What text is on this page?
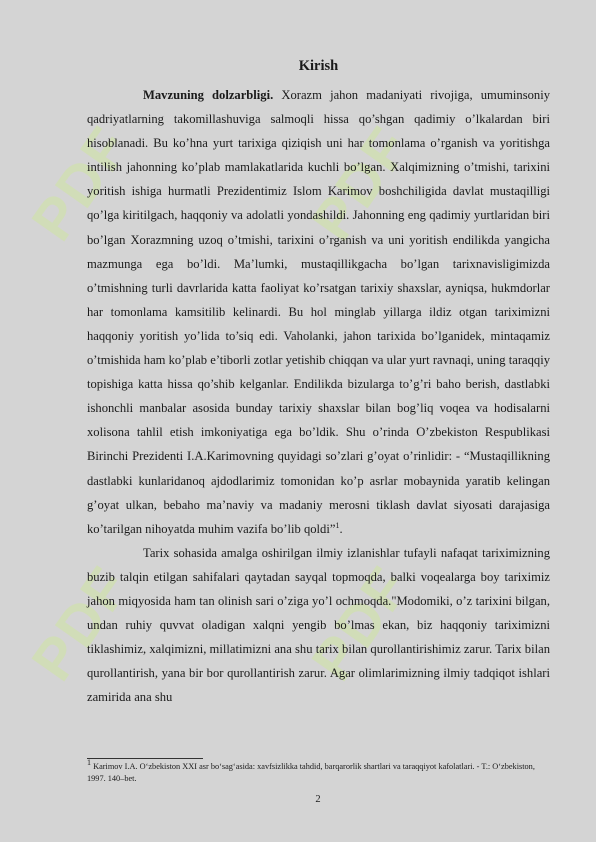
PDF	PDF
PDF	PDF
Kirish

Mavzuning dolzarbligi. Xorazm jahon madaniyati rivojiga, umuminsoniy qadriyatlarning takomillashuviga salmoqli hissa qo’shgan qadimiy o’lkalardan biri hisoblanadi. Bu ko’hna yurt tarixiga qiziqish uni har tomonlama o’rganish va yoritishga intilish jahonning ko’plab mamlakatlarida kuchli bo’lgan. Xalqimizning o’tmishi, tarixini yoritish ishiga hurmatli Prezidentimiz Islom Karimov boshchiligida davlat mustaqilligi qo’lga kiritilgach, haqqoniy va adolatli yondashildi. Jahonning eng qadimiy yurtlaridan biri bo’lgan Xorazmning uzoq o’tmishi, tarixini o’rganish va uni yoritish endilikda yangicha mazmunga ega bo’ldi. Ma’lumki, mustaqillikgacha bo’lgan tarixnavisligimizda o’tmishning turli davrlarida katta faoliyat ko’rsatgan tarixiy shaxslar, ayniqsa, hukmdorlar har tomonlama kamsitilib kelinardi. Bu hol minglab yillarga ildiz otgan tariximizni haqqoniy yoritish yo’lida to’siq edi. Vaholanki, jahon tarixida bo’lganidek, mintaqamiz o’tmishida ham ko’plab e’tiborli zotlar yetishib chiqqan va ular yurt ravnaqi, uning taraqqiy topishiga katta hissa qo’shib kelganlar. Endilikda bizularga to’g’ri baho berish, dastlabki ishonchli manbalar asosida bunday tarixiy shaxslar bilan bog’liq voqea va hodisalarni xolisona tahlil etish imkoniyatiga ega bo’ldik. Shu o’rinda O’zbekiston Respublikasi Birinchi Prezidenti I.A.Karimovning quyidagi so’zlari g’oyat o’rinlidir: - “Mustaqillikning dastlabki kunlaridanoq ajdodlarimiz tomonidan ko’p asrlar mobaynida yaratib kelingan g’oyat ulkan, bebaho ma’naviy va madaniy merosni tiklash davlat siyosati darajasiga ko’tarilgan nihoyatda muhim vazifa bo’lib qoldi”$^1$.

Tarix sohasida amalga oshirilgan ilmiy izlanishlar tufayli nafaqat tariximizning buzib talqin etilgan sahifalari qaytadan sayqal topmoqda, balki voqealarga boy tariximiz jahon miqyosida ham tan olinish sari o’ziga yo’l ochmoqda."Modomiki, o’z tarixini bilgan, undan ruhiy quvvat oladigan xalqni yengib bo’lmas ekan, biz haqqoniy tariximizni tiklashimiz, xalqimizni, millatimizni ana shu tarix bilan qurollantirishimiz zarur. Tarix bilan qurollantirish, yana bir bor qurollantirish zarur. Agar olimlarimizning ilmiy tadqiqot ishlari zamirida ana shu

$^1$ Karimov I.A. O‘zbekiston XXI asr bo‘sag‘asida: xavfsizlikka tahdid, barqarorlik shartlari va taraqqiyot kafolatlari. - T.: O‘zbekiston, 1997. 140–bet.
2
